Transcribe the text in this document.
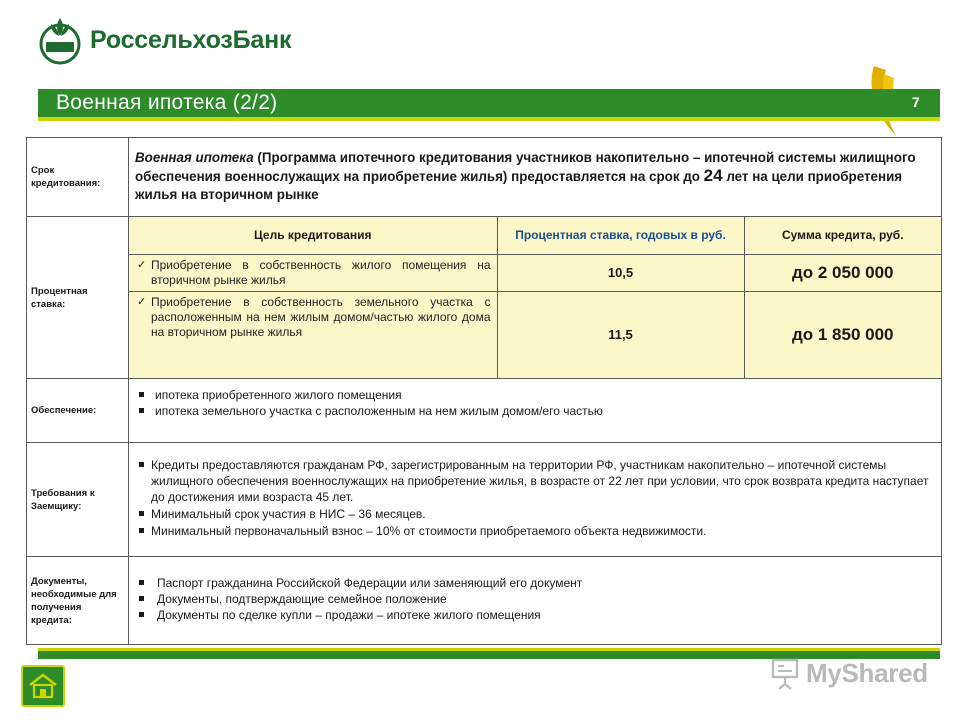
РоссельхозБанк
Военная ипотека (2/2)	7
Срок кредитования:	Военная ипотека (Программа ипотечного кредитования участников накопительно – ипотечной системы жилищного обеспечения военнослужащих на приобретение жилья) предоставляется на срок до 24 лет на цели приобретения жилья на вторичном рынке
Процентная ставка:	
Цель кредитования	Процентная ставка, годовых в руб.	Сумма кредита, руб.

✓ Приобретение в собственность жилого помещения на вторичном рынке жилья	10,5	до 2 050 000

✓ Приобретение в собственность земельного участка с расположенным на нем жилым домом/частью жилого дома на вторичном рынке жилья	11,5	до 1 850 000

Обеспечение:	
ипотека приобретенного жилого помещения
ипотека земельного участка с расположенным на нем жилым домом/его частью

Требования к Заемщику:	
Кредиты предоставляются гражданам РФ, зарегистрированным на территории РФ, участникам накопительно – ипотечной системы жилищного обеспечения военнослужащих на приобретение жилья, в возрасте от 22 лет при условии, что срок возврата кредита наступает до достижения ими возраста 45 лет.
Минимальный срок участия в НИС – 36 месяцев.
Минимальный первоначальный взнос – 10% от стоимости приобретаемого объекта недвижимости.

Документы, необходимые для получения кредита:	
Паспорт гражданина Российской Федерации или заменяющий его документ
Документы, подтверждающие семейное положение
Документы по сделке купли – продажи – ипотеке жилого помещения
MyShared
